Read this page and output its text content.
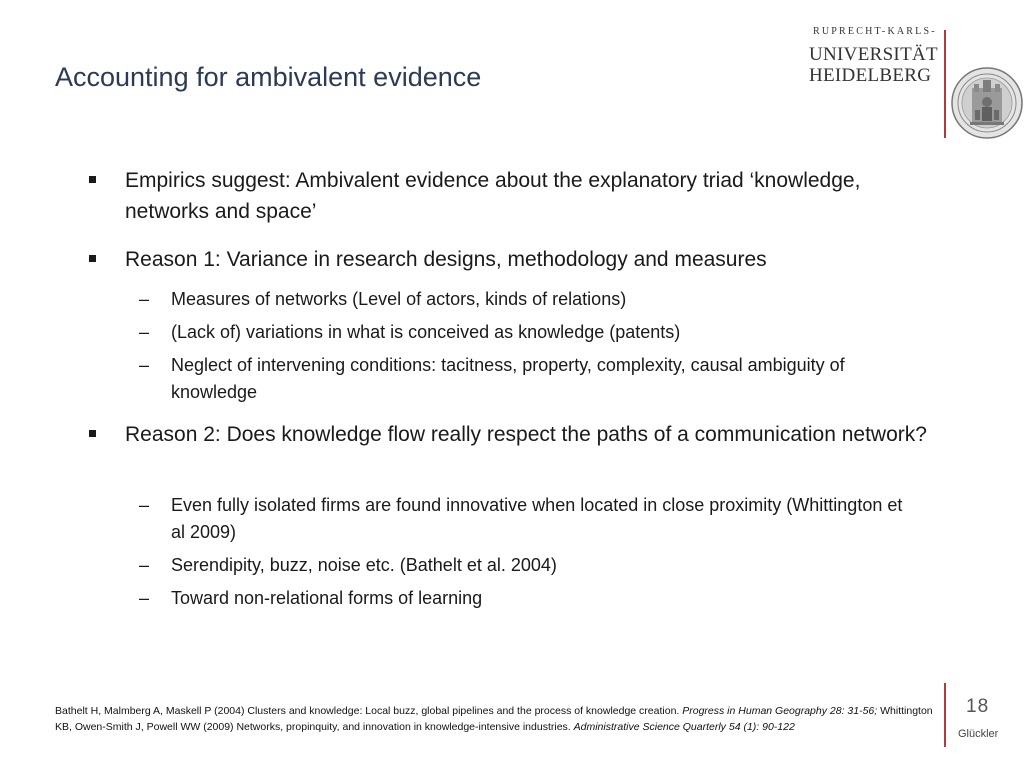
Accounting for ambivalent evidence
RUPRECHT-KARLS-
UNIVERSITÄT
HEIDELBERG
Empirics suggest: Ambivalent evidence about the explanatory triad ‘knowledge, networks and space’
Reason 1: Variance in research designs, methodology and measures
– Measures of networks (Level of actors, kinds of relations)
– (Lack of) variations in what is conceived as knowledge (patents)
– Neglect of intervening conditions: tacitness, property, complexity, causal ambiguity of knowledge
Reason 2: Does knowledge flow really respect the paths of a communication network?
– Even fully isolated firms are found innovative when located in close proximity (Whittington et al 2009)
– Serendipity, buzz, noise etc. (Bathelt et al. 2004)
– Toward non-relational forms of learning
Bathelt H, Malmberg A, Maskell P (2004) Clusters and knowledge: Local buzz, global pipelines and the process of knowledge creation. Progress in Human Geography 28: 31-56; Whittington KB, Owen-Smith J, Powell WW (2009) Networks, propinquity, and innovation in knowledge-intensive industries. Administrative Science Quarterly 54 (1): 90-122
18
Glückler
